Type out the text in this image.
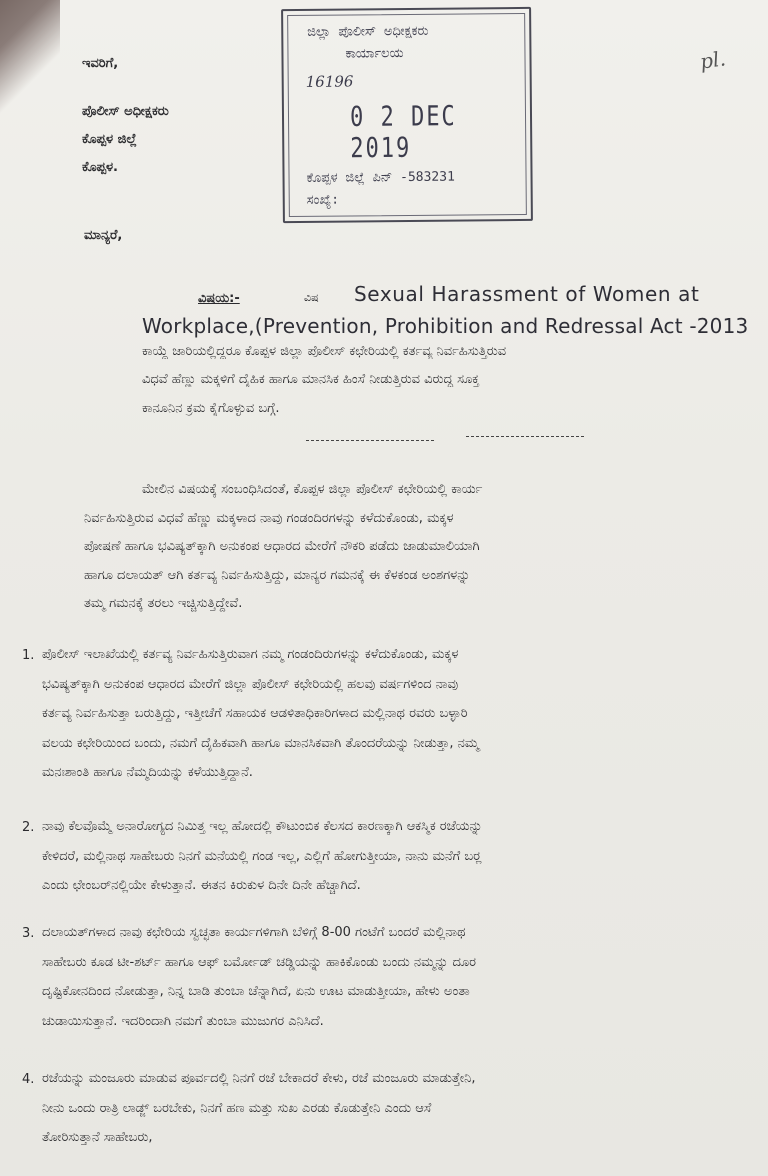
ಇವರಿಗೆ,
ಪೊಲೀಸ್ ಅಧೀಕ್ಷಕರು
ಕೊಪ್ಪಳ ಜಿಲ್ಲೆ
ಕೊಪ್ಪಳ.
ಜಿಲ್ಲಾ ಪೊಲೀಸ್ ಅಧೀಕ್ಷಕರು
ಕಾರ್ಯಾಲಯ
16196
0 2 DEC 2019
ಕೊಪ್ಪಳ ಜಿಲ್ಲೆ ಪಿನ್ -583231
ಸಂಖ್ಯೆ:
pl.
ಮಾನ್ಯರೆ,
ವಿಷಯ:-	ವಿಷ Sexual Harassment of Women at
Workplace,(Prevention, Prohibition and Redressal Act -2013
ಕಾಯ್ದೆ ಜಾರಿಯಲ್ಲಿದ್ದರೂ ಕೊಪ್ಪಳ ಜಿಲ್ಲಾ ಪೊಲೀಸ್ ಕಛೇರಿಯಲ್ಲಿ ಕರ್ತವ್ಯ ನಿರ್ವಹಿಸುತ್ತಿರುವ
ವಿಧವೆ ಹೆಣ್ಣು ಮಕ್ಕಳಿಗೆ ದೈಹಿಕ ಹಾಗೂ ಮಾನಸಿಕ ಹಿಂಸೆ ನೀಡುತ್ತಿರುವ ವಿರುದ್ಧ ಸೂಕ್ತ
ಕಾನೂನಿನ ಕ್ರಮ ಕೈಗೊಳ್ಳುವ ಬಗ್ಗೆ.
ಮೇಲಿನ ವಿಷಯಕ್ಕೆ ಸಂಬಂಧಿಸಿದಂತೆ, ಕೊಪ್ಪಳ ಜಿಲ್ಲಾ ಪೊಲೀಸ್ ಕಛೇರಿಯಲ್ಲಿ ಕಾರ್ಯ
ನಿರ್ವಹಿಸುತ್ತಿರುವ ವಿಧವೆ ಹೆಣ್ಣು ಮಕ್ಕಳಾದ ನಾವು ಗಂಡಂದಿರಗಳನ್ನು ಕಳೆದುಕೊಂಡು, ಮಕ್ಕಳ
ಪೋಷಣೆ ಹಾಗೂ ಭವಿಷ್ಯತ್‌ಕ್ಕಾಗಿ ಅನುಕಂಪ ಆಧಾರದ ಮೇರೆಗೆ ನೌಕರಿ ಪಡೆದು ಜಾಡುಮಾಲಿಯಾಗಿ
ಹಾಗೂ ದಲಾಯತ್ ಆಗಿ ಕರ್ತವ್ಯ ನಿರ್ವಹಿಸುತ್ತಿದ್ದು, ಮಾನ್ಯರ ಗಮನಕ್ಕೆ ಈ ಕೆಳಕಂಡ ಅಂಶಗಳನ್ನು
ತಮ್ಮ ಗಮನಕ್ಕೆ ತರಲು ಇಚ್ಚಿಸುತ್ತಿದ್ದೇವೆ.
1. ಪೊಲೀಸ್ ಇಲಾಖೆಯಲ್ಲಿ ಕರ್ತವ್ಯ ನಿರ್ವಹಿಸುತ್ತಿರುವಾಗ ನಮ್ಮ ಗಂಡಂದಿರುಗಳನ್ನು ಕಳೆದುಕೊಂಡು, ಮಕ್ಕಳ
ಭವಿಷ್ಯತ್‌ಕ್ಕಾಗಿ ಅನುಕಂಪ ಆಧಾರದ ಮೇರೆಗೆ ಜಿಲ್ಲಾ ಪೊಲೀಸ್ ಕಛೇರಿಯಲ್ಲಿ ಹಲವು ವರ್ಷಗಳಿಂದ ನಾವು
ಕರ್ತವ್ಯ ನಿರ್ವಹಿಸುತ್ತಾ ಬರುತ್ತಿದ್ದು, ಇತ್ತೀಚೆಗೆ ಸಹಾಯಕ ಆಡಳಿತಾಧಿಕಾರಿಗಳಾದ ಮಲ್ಲಿನಾಥ ರವರು ಬಳ್ಳಾರಿ
ವಲಯ ಕಛೇರಿಯಿಂದ ಬಂದು, ನಮಗೆ ದೈಹಿಕವಾಗಿ ಹಾಗೂ ಮಾನಸಿಕವಾಗಿ ತೊಂದರೆಯನ್ನು ನೀಡುತ್ತಾ, ನಮ್ಮ
ಮನಃಶಾಂತಿ ಹಾಗೂ ನೆಮ್ಮದಿಯನ್ನು ಕಳೆಯುತ್ತಿದ್ದಾನೆ.
2. ನಾವು ಕೆಲವೊಮ್ಮೆ ಅನಾರೋಗ್ಯದ ನಿಮಿತ್ತ ಇಲ್ಲ ಹೋದಲ್ಲಿ ಕೌಟುಂಬಿಕ ಕೆಲಸದ ಕಾರಣಕ್ಕಾಗಿ ಆಕಸ್ಮಿಕ ರಜೆಯನ್ನು
ಕೇಳಿದರೆ, ಮಲ್ಲಿನಾಥ ಸಾಹೇಬರು ನಿನಗೆ ಮನೆಯಲ್ಲಿ ಗಂಡ ಇಲ್ಲ, ಎಲ್ಲಿಗೆ ಹೋಗುತ್ತೀಯಾ, ನಾನು ಮನೆಗೆ ಬರ್‍ಲ
ಎಂದು ಛೇಂಬರ್‌ನಲ್ಲಿಯೇ ಕೇಳುತ್ತಾನೆ. ಈತನ ಕಿರುಕುಳ ದಿನೇ ದಿನೇ ಹೆಚ್ಚಾಗಿದೆ.
3. ದಲಾಯತ್‌ಗಳಾದ ನಾವು ಕಛೇರಿಯ ಸ್ವಚ್ಛತಾ ಕಾರ್ಯಗಳಿಗಾಗಿ ಬೆಳಿಗ್ಗೆ 8-00 ಗಂಟೆಗೆ ಬಂದರೆ ಮಲ್ಲಿನಾಥ
ಸಾಹೇಬರು ಕೂಡ ಟೀ-ಶರ್ಟ್ ಹಾಗೂ ಆಫ್ ಬರ್ಮೋಡ್ ಚಡ್ಡಿಯನ್ನು ಹಾಕಿಕೊಂಡು ಬಂದು ನಮ್ಮನ್ನು ದೂರ
ದೃಷ್ಟಿಕೋನದಿಂದ ನೋಡುತ್ತಾ, ನಿನ್ನ ಬಾಡಿ ತುಂಬಾ ಚೆನ್ನಾಗಿದೆ, ಏನು ಊಟ ಮಾಡುತ್ತೀಯಾ, ಹೇಳು ಅಂತಾ
ಚುಡಾಯಿಸುತ್ತಾನೆ. ಇದರಿಂದಾಗಿ ನಮಗೆ ತುಂಬಾ ಮುಜುಗರ ಎನಿಸಿದೆ.
4. ರಜೆಯನ್ನು ಮಂಜೂರು ಮಾಡುವ ಪೂರ್ವದಲ್ಲಿ ನಿನಗೆ ರಜೆ ಬೇಕಾದರೆ ಕೇಳು, ರಜೆ ಮಂಜೂರು ಮಾಡುತ್ತೇನಿ,
ನೀನು ಒಂದು ರಾತ್ರಿ ಲಾಡ್ಜ್ ಬರಬೇಕು, ನಿನಗೆ ಹಣ ಮತ್ತು ಸುಖ ಎರಡು ಕೊಡುತ್ತೇನಿ ಎಂದು ಆಸೆ
ತೋರಿಸುತ್ತಾನೆ ಸಾಹೇಬರು,
